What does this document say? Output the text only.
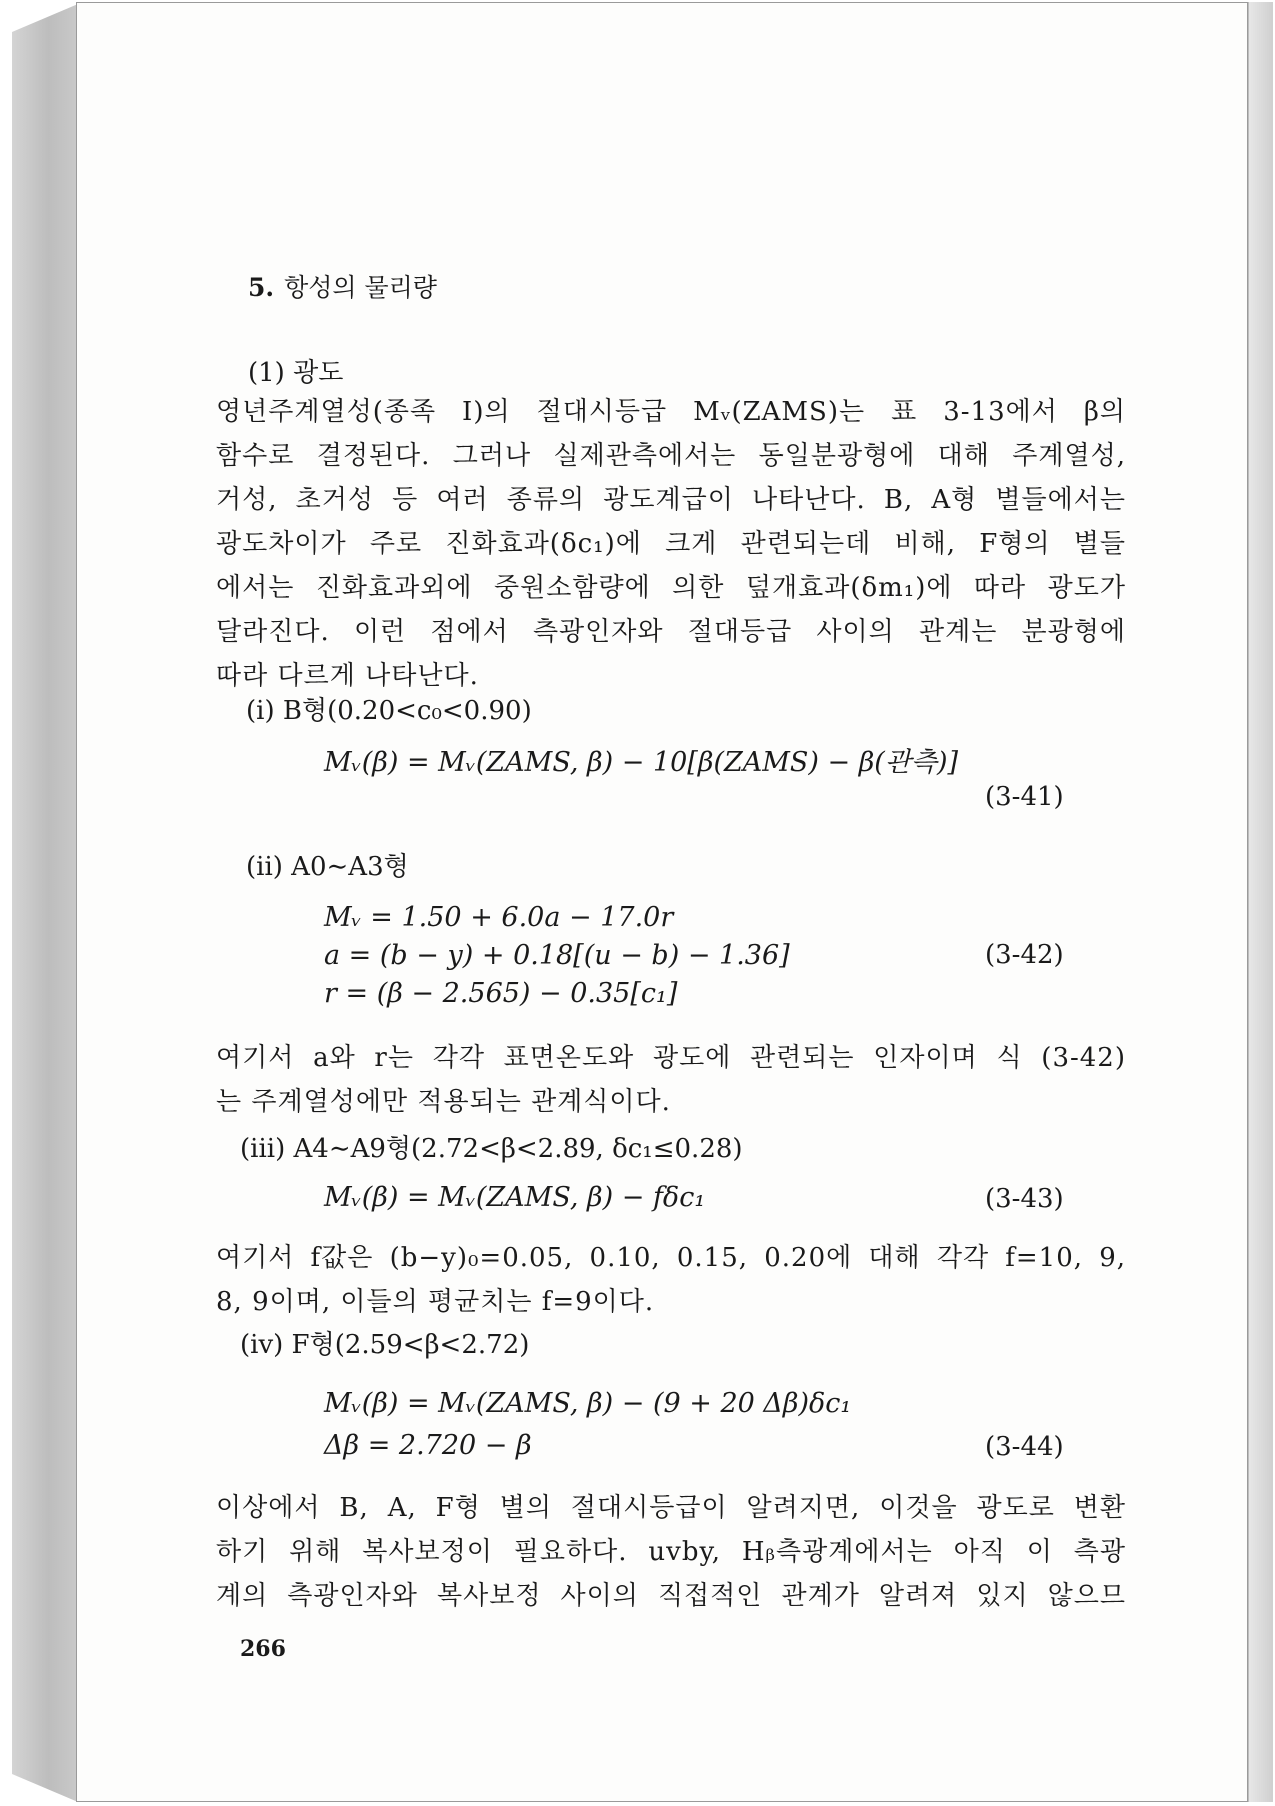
5. 항성의 물리량
(1) 광도
영년주계열성(종족 I)의 절대시등급 Mᵥ(ZAMS)는 표 3-13에서 β의
함수로 결정된다. 그러나 실제관측에서는 동일분광형에 대해 주계열성,
거성, 초거성 등 여러 종류의 광도계급이 나타난다. B, A형 별들에서는
광도차이가 주로 진화효과(δc₁)에 크게 관련되는데 비해, F형의 별들
에서는 진화효과외에 중원소함량에 의한 덮개효과(δm₁)에 따라 광도가
달라진다. 이런 점에서 측광인자와 절대등급 사이의 관계는 분광형에
따라 다르게 나타난다.
(i) B형(0.20<c₀<0.90)
Mᵥ(β) = Mᵥ(ZAMS, β) − 10[β(ZAMS) − β(관측)]
(3-41)
(ii) A0∼A3형
Mᵥ = 1.50 + 6.0a − 17.0r
a = (b − y) + 0.18[(u − b) − 1.36]
r = (β − 2.565) − 0.35[c₁]
(3-42)
여기서 a와 r는 각각 표면온도와 광도에 관련되는 인자이며 식 (3-42)
는 주계열성에만 적용되는 관계식이다.
(iii) A4∼A9형(2.72<β<2.89, δc₁≤0.28)
Mᵥ(β) = Mᵥ(ZAMS, β) − fδc₁	(3-43)
여기서 f값은 (b−y)₀=0.05, 0.10, 0.15, 0.20에 대해 각각 f=10, 9,
8, 9이며, 이들의 평균치는 f=9이다.
(iv) F형(2.59<β<2.72)
Mᵥ(β) = Mᵥ(ZAMS, β) − (9 + 20 Δβ)δc₁
Δβ = 2.720 − β	(3-44)
이상에서 B, A, F형 별의 절대시등급이 알려지면, 이것을 광도로 변환
하기 위해 복사보정이 필요하다. uvby, Hᵦ측광계에서는 아직 이 측광
계의 측광인자와 복사보정 사이의 직접적인 관계가 알려져 있지 않으므
266
